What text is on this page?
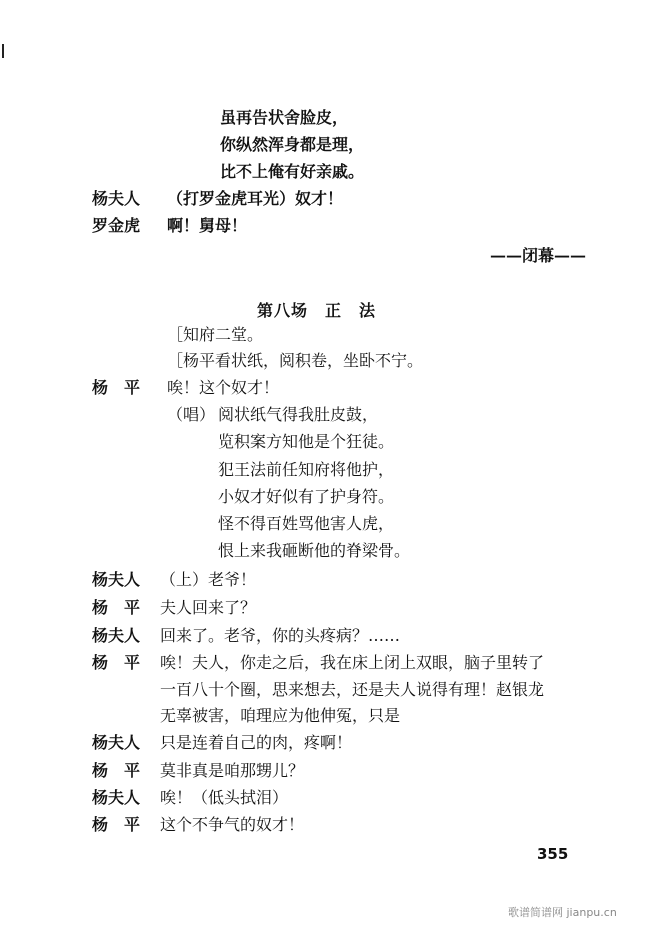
虽再告状舍脸皮，
你纵然浑身都是理，
比不上俺有好亲戚。
杨夫人 （打罗金虎耳光）奴才！
罗金虎 啊！舅母！
——闭幕——
第八场　正　法
［知府二堂。
［杨平看状纸，阅积卷，坐卧不宁。
杨　平 唉！这个奴才！
（唱） 阅状纸气得我肚皮鼓，
览积案方知他是个狂徒。
犯王法前任知府将他护，
小奴才好似有了护身符。
怪不得百姓骂他害人虎，
恨上来我砸断他的脊梁骨。
杨夫人 （上）老爷！
杨　平 夫人回来了？
杨夫人 回来了。老爷，你的头疼病？……
杨　平 唉！夫人，你走之后，我在床上闭上双眼，脑子里转了
一百八十个圈，思来想去，还是夫人说得有理！赵银龙
无辜被害，咱理应为他伸冤，只是
杨夫人 只是连着自己的肉，疼啊！
杨　平 莫非真是咱那甥儿？
杨夫人 唉！（低头拭泪）
杨　平 这个不争气的奴才！
355
歌谱简谱网 jianpu.cn
